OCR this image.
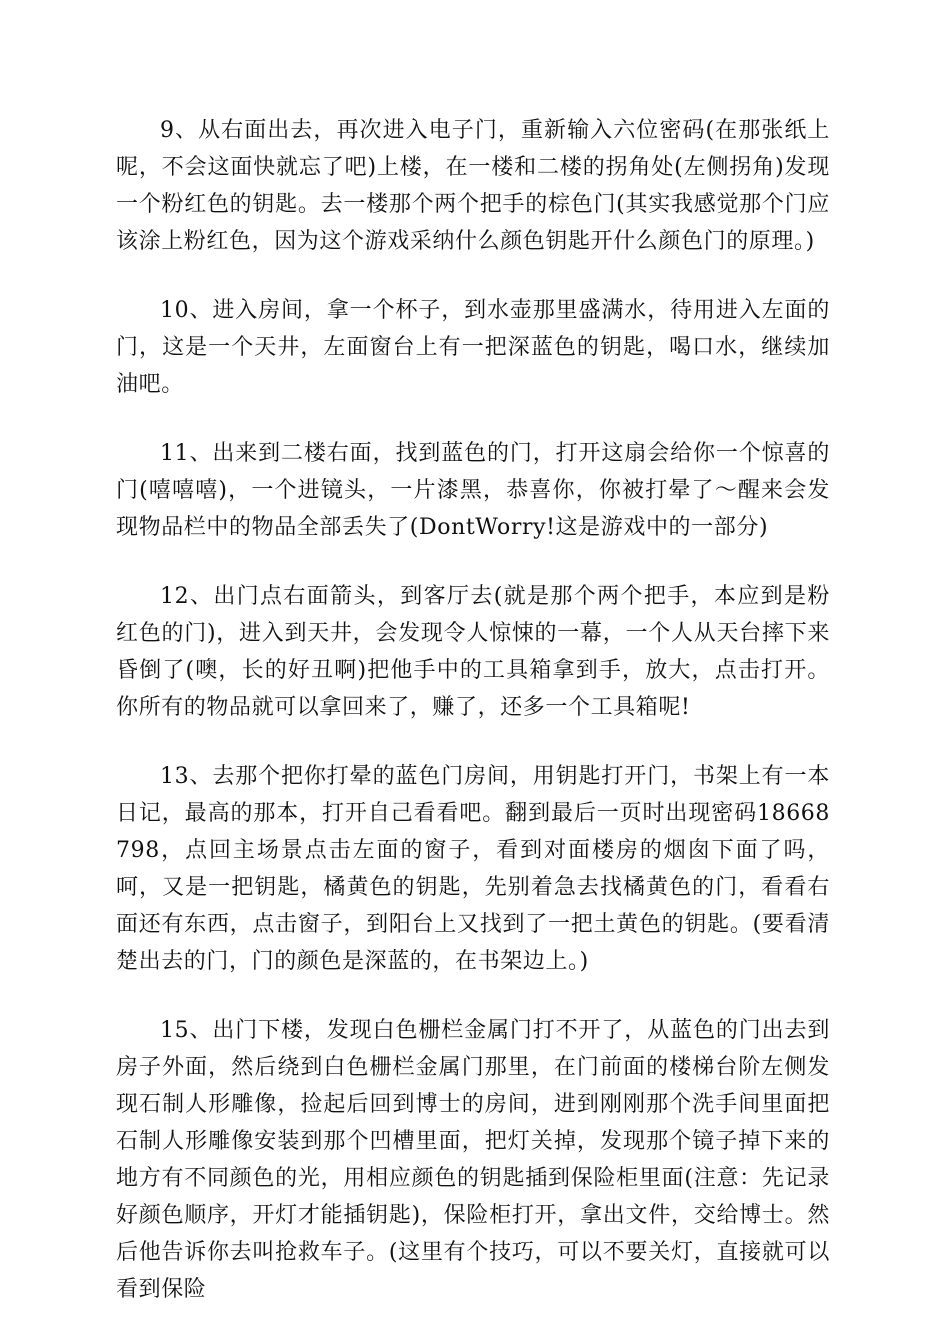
9、从右面出去，再次进入电子门，重新输入六位密码(在那张纸上呢，不会这面快就忘了吧)上楼，在一楼和二楼的拐角处(左侧拐角)发现一个粉红色的钥匙。去一楼那个两个把手的棕色门(其实我感觉那个门应该涂上粉红色，因为这个游戏采纳什么颜色钥匙开什么颜色门的原理。)

10、进入房间，拿一个杯子，到水壶那里盛满水，待用进入左面的门，这是一个天井，左面窗台上有一把深蓝色的钥匙，喝口水，继续加油吧。

11、出来到二楼右面，找到蓝色的门，打开这扇会给你一个惊喜的门(嘻嘻嘻)，一个进镜头，一片漆黑，恭喜你，你被打晕了～醒来会发现物品栏中的物品全部丢失了(DontWorry!这是游戏中的一部分)

12、出门点右面箭头，到客厅去(就是那个两个把手，本应到是粉红色的门)，进入到天井，会发现令人惊悚的一幕，一个人从天台摔下来昏倒了(噢，长的好丑啊)把他手中的工具箱拿到手，放大，点击打开。你所有的物品就可以拿回来了，赚了，还多一个工具箱呢!

13、去那个把你打晕的蓝色门房间，用钥匙打开门，书架上有一本日记，最高的那本，打开自己看看吧。翻到最后一页时出现密码18668798，点回主场景点击左面的窗子，看到对面楼房的烟囱下面了吗，呵，又是一把钥匙，橘黄色的钥匙，先别着急去找橘黄色的门，看看右面还有东西，点击窗子，到阳台上又找到了一把土黄色的钥匙。(要看清楚出去的门，门的颜色是深蓝的，在书架边上。)

15、出门下楼，发现白色栅栏金属门打不开了，从蓝色的门出去到房子外面，然后绕到白色栅栏金属门那里，在门前面的楼梯台阶左侧发现石制人形雕像，捡起后回到博士的房间，进到刚刚那个洗手间里面把石制人形雕像安装到那个凹槽里面，把灯关掉，发现那个镜子掉下来的地方有不同颜色的光，用相应颜色的钥匙插到保险柜里面(注意：先记录好颜色顺序，开灯才能插钥匙)，保险柜打开，拿出文件，交给博士。然后他告诉你去叫抢救车子。(这里有个技巧，可以不要关灯，直接就可以看到保险
